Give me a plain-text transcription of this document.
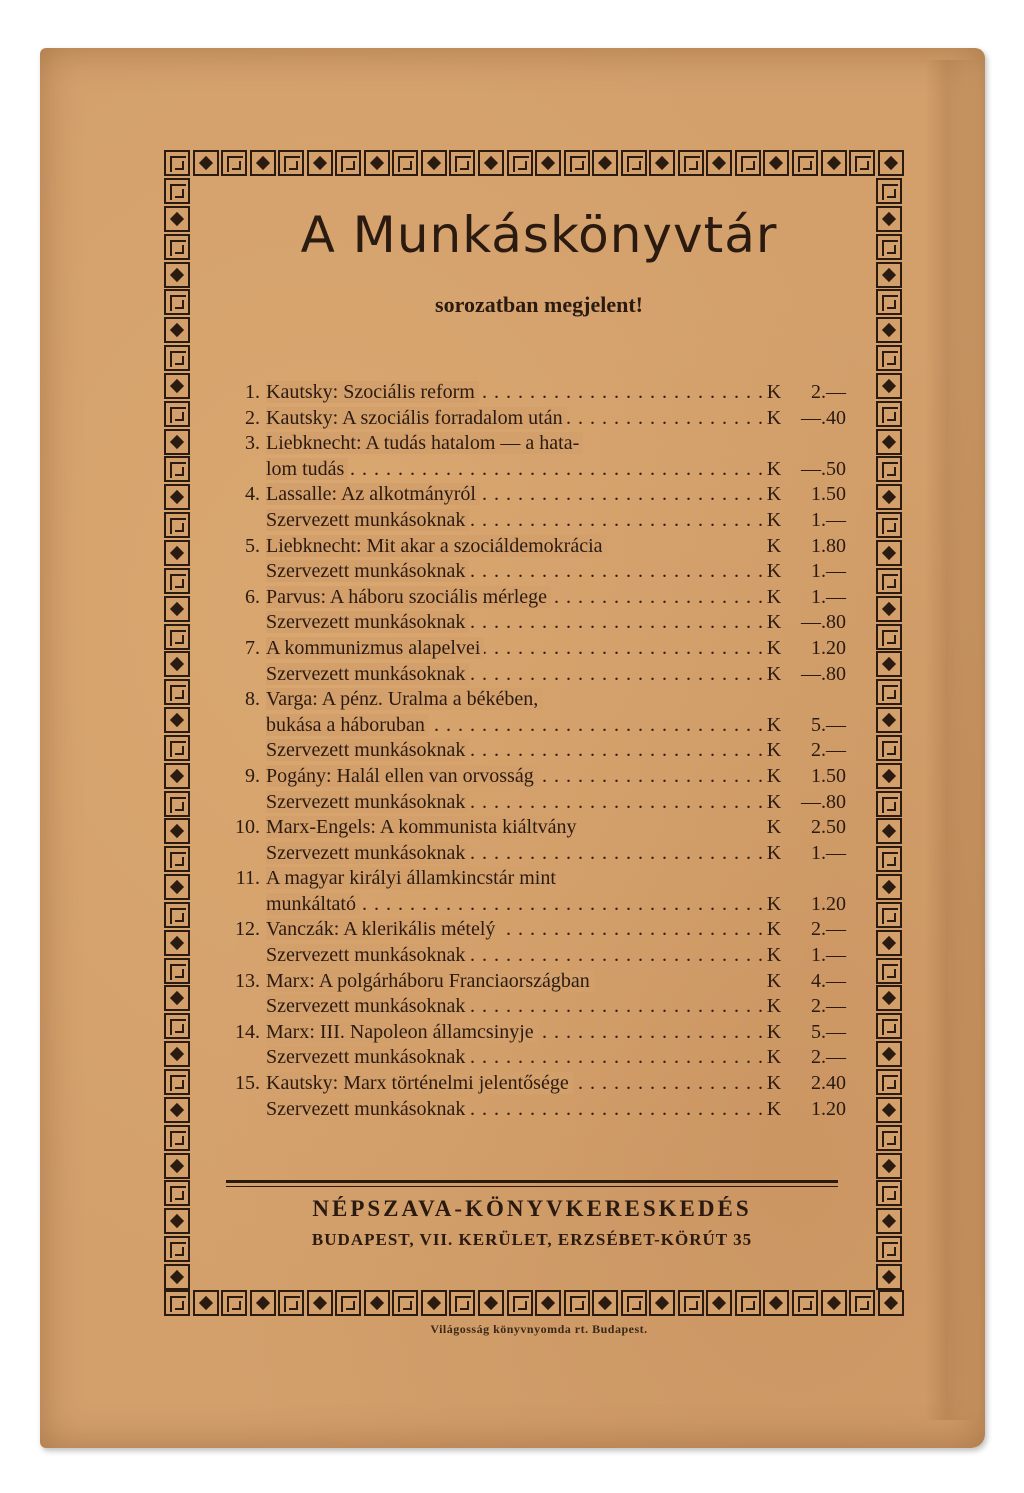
A Munkáskönyvtár
sorozatban megjelent!
1. Kautsky: Szociális reform . . .	K	2.—
2. Kautsky: A szociális forradalom után . . .	K —.40
3. Liebknecht: A tudás hatalom — a hata-
lom tudás . . .	K —.50
4. Lassalle: Az alkotmányról . . .	K	1.50
Szervezett munkásoknak . . .	K	1.—
5. Liebknecht: Mit akar a szociáldemokrácia	K	1.80
Szervezett munkásoknak . . .	K	1.—
6. Parvus: A háboru szociális mérlege . . .	K	1.—
Szervezett munkásoknak . . .	K —.80
7. A kommunizmus alapelvei . . .	K	1.20
Szervezett munkásoknak . . .	K —.80
8. Varga: A pénz. Uralma a békében,
bukása a háboruban . . .	K	5.—
Szervezett munkásoknak . . .	K	2.—
9. Pogány: Halál ellen van orvosság . . .	K	1.50
Szervezett munkásoknak . . .	K —.80
10. Marx-Engels: A kommunista kiáltvány	K	2.50
Szervezett munkásoknak . . .	K	1.—
11. A magyar királyi államkincstár mint
munkáltató . . .	K	1.20
12. Vanczák: A klerikális mételý . . .	K	2.—
Szervezett munkásoknak . . .	K	1.—
13. Marx: A polgárháboru Franciaországban	K	4.—
Szervezett munkásoknak . . .	K	2.—
14. Marx: III. Napoleon államcsinyje . . .	K	5.—
Szervezett munkásoknak . . .	K	2.—
15. Kautsky: Marx történelmi jelentősége . . .	K	2.40
Szervezett munkásoknak . . .	K	1.20
NÉPSZAVA-KÖNYVKERESKEDÉS
BUDAPEST, VII. KERÜLET, ERZSÉBET-KÖRÚT 35
Világosság könyvnyomda rt. Budapest.
